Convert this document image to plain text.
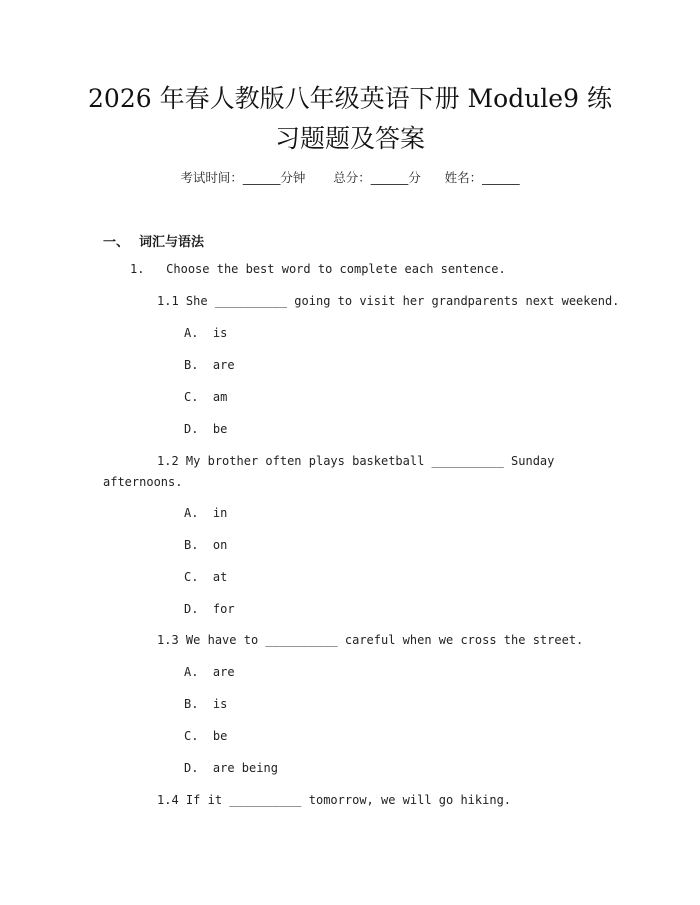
2026 年春人教版八年级英语下册 Module9 练
习题题及答案
考试时间：______分钟 总分：______分 姓名：______
一、 词汇与语法
1. Choose the best word to complete each sentence.
1.1 She __________ going to visit her grandparents next weekend.
A.  is
B.  are
C.  am
D.  be
1.2 My brother often plays basketball __________ Sunday
afternoons.
A.  in
B.  on
C.  at
D.  for
1.3 We have to __________ careful when we cross the street.
A.  are
B.  is
C.  be
D.  are being
1.4 If it __________ tomorrow, we will go hiking.
